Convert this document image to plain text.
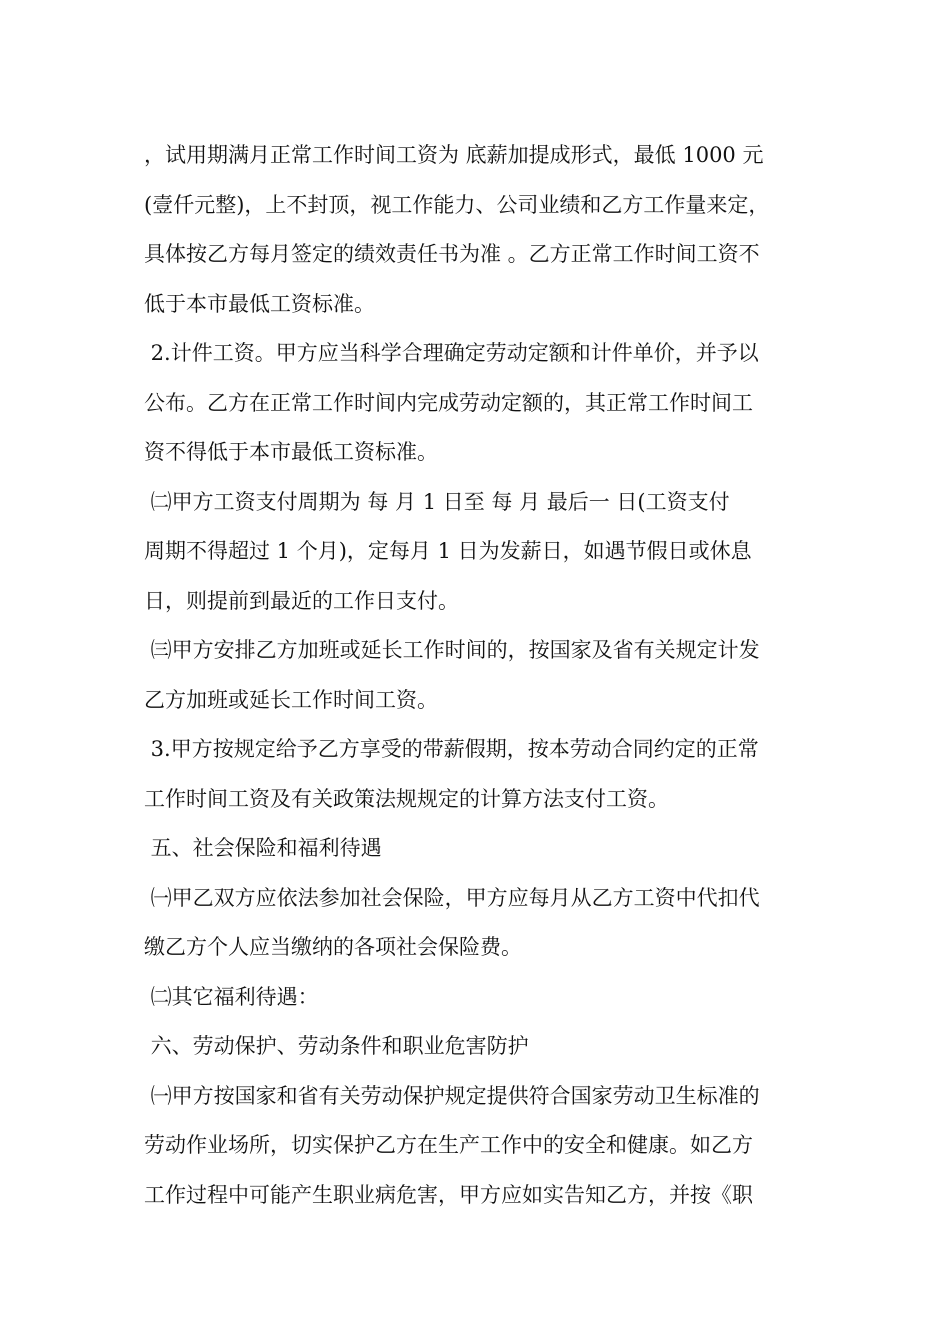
，试用期满月正常工作时间工资为 底薪加提成形式，最低 1000 元
(壹仟元整)，上不封顶，视工作能力、公司业绩和乙方工作量来定，
具体按乙方每月签定的绩效责任书为准 。乙方正常工作时间工资不
低于本市最低工资标准。
2.计件工资。甲方应当科学合理确定劳动定额和计件单价，并予以
公布。乙方在正常工作时间内完成劳动定额的，其正常工作时间工
资不得低于本市最低工资标准。
㈡甲方工资支付周期为 每 月 1 日至 每 月 最后一 日(工资支付
周期不得超过 1 个月)，定每月 1 日为发薪日，如遇节假日或休息
日，则提前到最近的工作日支付。
㈢甲方安排乙方加班或延长工作时间的，按国家及省有关规定计发
乙方加班或延长工作时间工资。
3.甲方按规定给予乙方享受的带薪假期，按本劳动合同约定的正常
工作时间工资及有关政策法规规定的计算方法支付工资。
五、社会保险和福利待遇
㈠甲乙双方应依法参加社会保险，甲方应每月从乙方工资中代扣代
缴乙方个人应当缴纳的各项社会保险费。
㈡其它福利待遇：
六、劳动保护、劳动条件和职业危害防护
㈠甲方按国家和省有关劳动保护规定提供符合国家劳动卫生标准的
劳动作业场所，切实保护乙方在生产工作中的安全和健康。如乙方
工作过程中可能产生职业病危害，甲方应如实告知乙方，并按《职
